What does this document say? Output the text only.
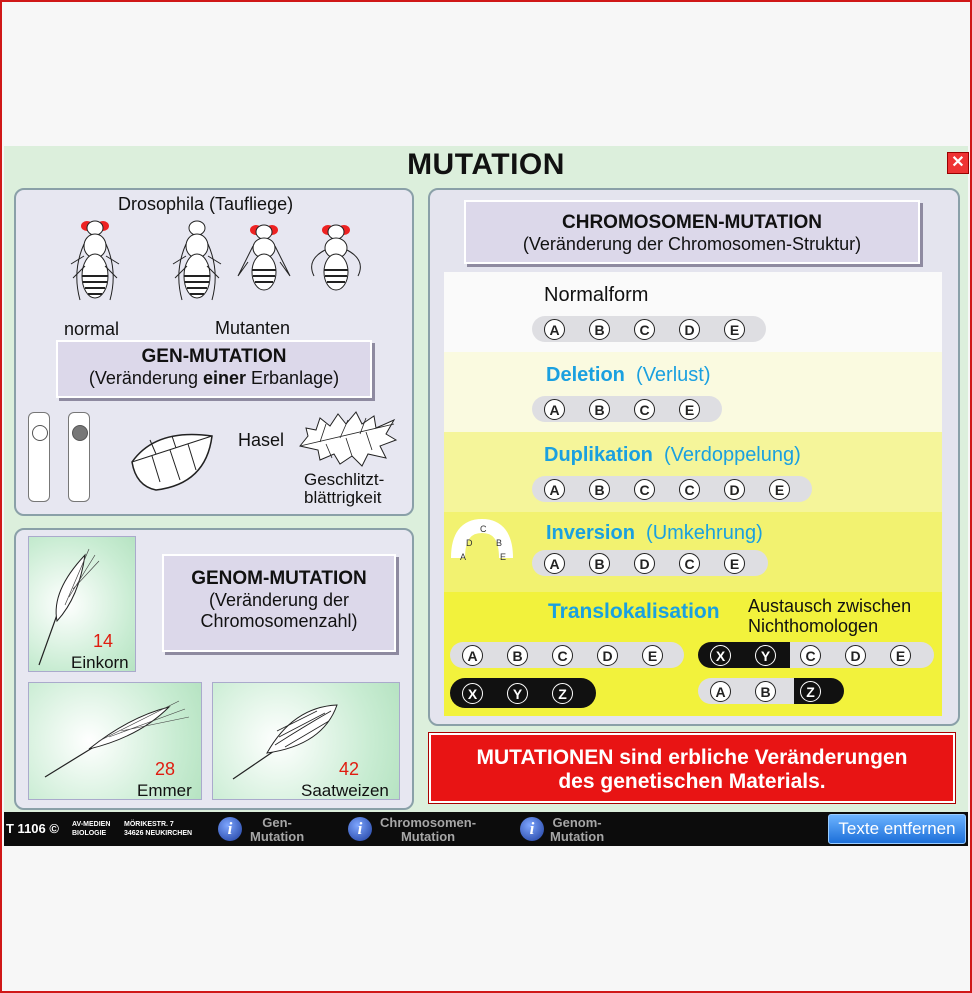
MUTATION	✕
Drosophila (Taufliege)
normal	Mutanten
GEN-MUTATION
(Veränderung einer Erbanlage)
Hasel
Geschlitzt-
blättrigkeit
14
Einkorn
GENOM-MUTATION
(Veränderung der
Chromosomenzahl)
28
Emmer
42
Saatweizen
CHROMOSOMEN-MUTATION
(Veränderung der Chromosomen-Struktur)
Normalform
A	B	C	D	E
Deletion (Verlust)
A	B	C	E
Duplikation (Verdoppelung)
A	B	C	C	D	E
C
D	B
A	E
Inversion (Umkehrung)
A	B	D	C	E
Translokalisation Austausch zwischen
Nichthomologen
A	B	C	D	E
X	Y	Z
X	Y	C	D	E
A	B	Z
MUTATIONEN sind erbliche Veränderungen
des genetischen Materials.
T 1106 © AV-MEDIEN
BIOLOGIE
MÖRIKESTR. 7
34626 NEUKIRCHEN	i	Gen-
Mutation	i	Chromosomen-
Mutation	i	Genom-
Mutation	Texte entfernen
